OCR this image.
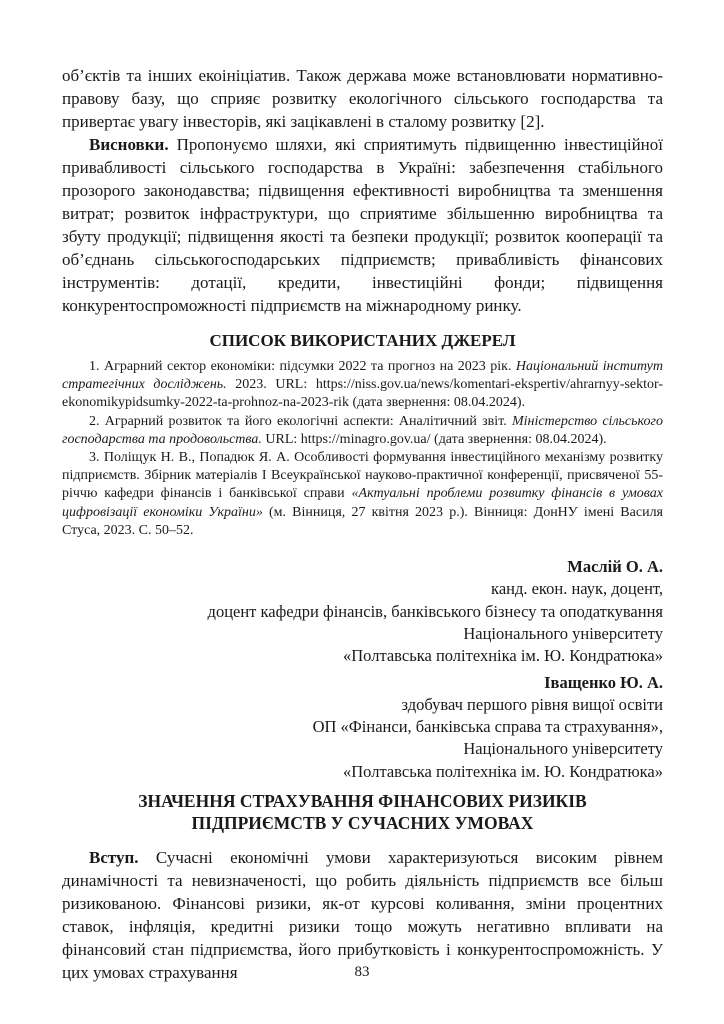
об’єктів та інших екоініціатив. Також держава може встановлювати нормативно-правову базу, що сприяє розвитку екологічного сільського господарства та привертає увагу інвесторів, які зацікавлені в сталому розвитку [2].

Висновки. Пропонуємо шляхи, які сприятимуть підвищенню інвестиційної привабливості сільського господарства в Україні: забезпечення стабільного прозорого законодавства; підвищення ефективності виробництва та зменшення витрат; розвиток інфраструктури, що сприятиме збільшенню виробництва та збуту продукції; підвищення якості та безпеки продукції; розвиток кооперації та об’єднань сільськогосподарських підприємств; привабливість фінансових інструментів: дотації, кредити, інвестиційні фонди; підвищення конкурентоспроможності підприємств на міжнародному ринку.

СПИСОК ВИКОРИСТАНИХ ДЖЕРЕЛ

1. Аграрний сектор економіки: підсумки 2022 та прогноз на 2023 рік. Національний інститут стратегічних досліджень. 2023. URL: https://niss.gov.ua/news/komentari-ekspertiv/ahrarnyy-sektor-ekonomikypidsumky-2022-ta-prohnoz-na-2023-rik (дата звернення: 08.04.2024).

2. Аграрний розвиток та його екологічні аспекти: Аналітичний звіт. Міністерство сільського господарства та продовольства. URL: https://minagro.gov.ua/ (дата звернення: 08.04.2024).

3. Поліщук Н. В., Попадюк Я. А. Особливості формування інвестиційного механізму розвитку підприємств. Збірник матеріалів І Всеукраїнської науково-практичної конференції, присвяченої 55-річчю кафедри фінансів і банківської справи «Актуальні проблеми розвитку фінансів в умовах цифровізації економіки України» (м. Вінниця, 27 квітня 2023 р.). Вінниця: ДонНУ імені Василя Стуса, 2023. С. 50–52.

Маслій О. А.

канд. екон. наук, доцент,

доцент кафедри фінансів, банківського бізнесу та оподаткування

Національного університету

«Полтавська політехніка ім. Ю. Кондратюка»

Іващенко Ю. А.

здобувач першого рівня вищої освіти

ОП «Фінанси, банківська справа та страхування»,

Національного університету

«Полтавська політехніка ім. Ю. Кондратюка»

ЗНАЧЕННЯ СТРАХУВАННЯ ФІНАНСОВИХ РИЗИКІВ
ПІДПРИЄМСТВ У СУЧАСНИХ УМОВАХ

Вступ. Сучасні економічні умови характеризуються високим рівнем динамічності та невизначеності, що робить діяльність підприємств все більш ризикованою. Фінансові ризики, як-от курсові коливання, зміни процентних ставок, інфляція, кредитні ризики тощо можуть негативно впливати на фінансовий стан підприємства, його прибутковість і конкурентоспроможність. У цих умовах страхування	83
